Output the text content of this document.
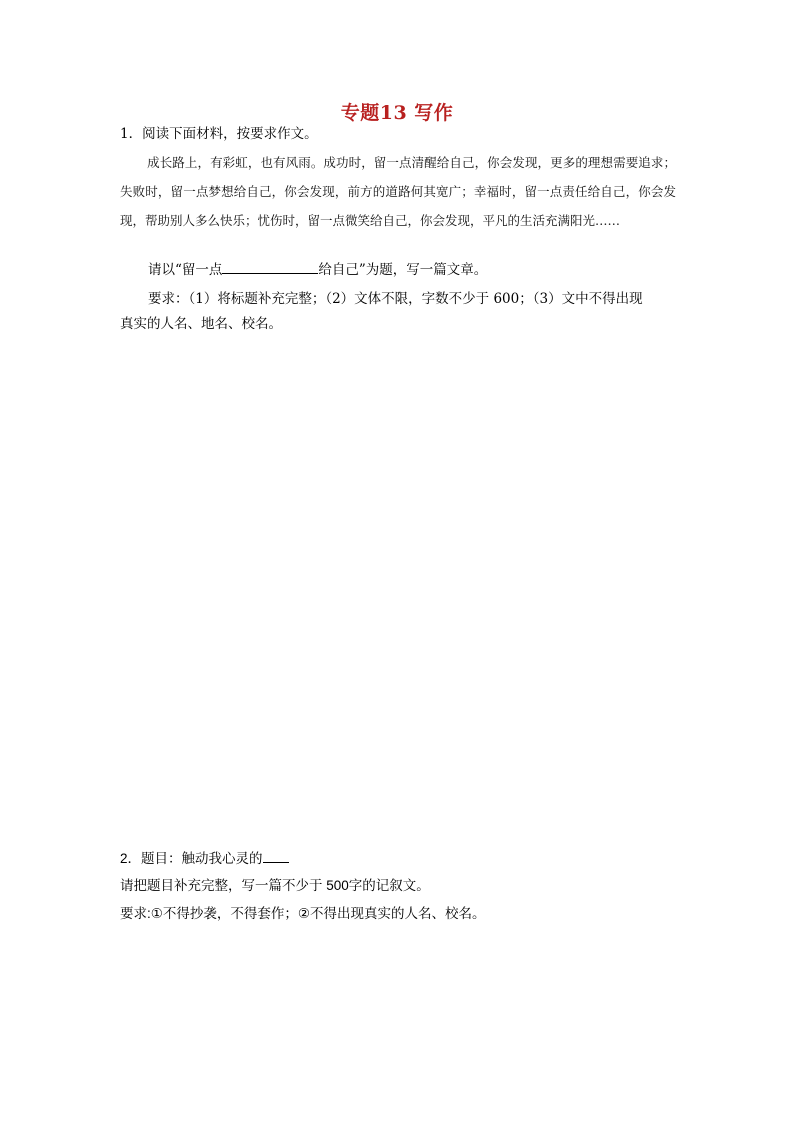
专题13 写作
1．阅读下面材料，按要求作文。
成长路上，有彩虹，也有风雨。成功时，留一点清醒给自己，你会发现，更多的理想需要追求；失败时，留一点梦想给自己，你会发现，前方的道路何其宽广；幸福时，留一点责任给自己，你会发现，帮助别人多么快乐；忧伤时，留一点微笑给自己，你会发现，平凡的生活充满阳光……
请以“留一点	给自己”为题，写一篇文章。
要求：（1）将标题补充完整；（2）文体不限，字数不少于 600；（3）文中不得出现
真实的人名、地名、校名。
2．题目：触动我心灵的
请把题目补充完整，写一篇不少于 500字的记叙文。
要求:①不得抄袭，不得套作；②不得出现真实的人名、校名。
